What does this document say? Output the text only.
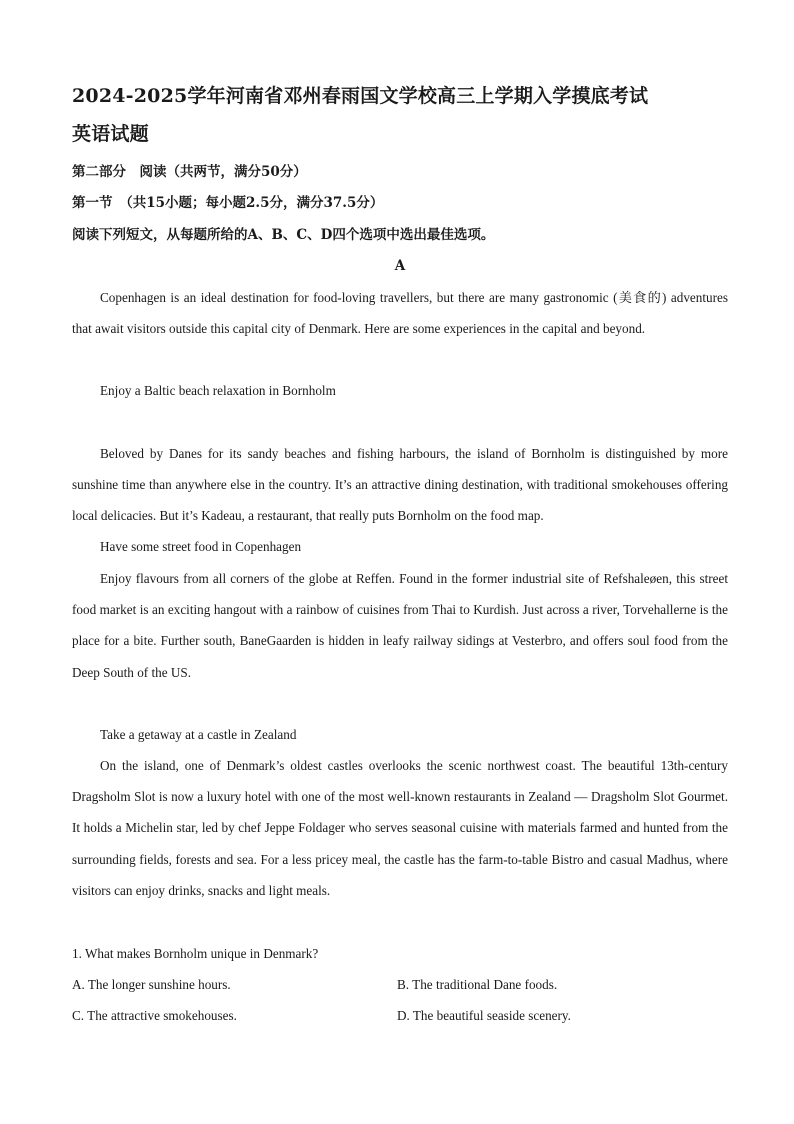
2024-2025学年河南省邓州春雨国文学校高三上学期入学摸底考试
英语试题
第二部分　阅读（共两节，满分50分）
第一节　（共15小题；每小题2.5分，满分37.5分）
阅读下列短文，从每题所给的A、B、C、D四个选项中选出最佳选项。
A

Copenhagen is an ideal destination for food-loving travellers, but there are many gastronomic (美食的) adventures that await visitors outside this capital city of Denmark. Here are some experiences in the capital and beyond.

Enjoy a Baltic beach relaxation in Bornholm

Beloved by Danes for its sandy beaches and fishing harbours, the island of Bornholm is distinguished by more sunshine time than anywhere else in the country. It’s an attractive dining destination, with traditional smokehouses offering local delicacies. But it’s Kadeau, a restaurant, that really puts Bornholm on the food map.

Have some street food in Copenhagen

Enjoy flavours from all corners of the globe at Reffen. Found in the former industrial site of Refshaleøen, this street food market is an exciting hangout with a rainbow of cuisines from Thai to Kurdish. Just across a river, Torvehallerne is the place for a bite. Further south, BaneGaarden is hidden in leafy railway sidings at Vesterbro, and offers soul food from the Deep South of the US.

Take a getaway at a castle in Zealand

On the island, one of Denmark’s oldest castles overlooks the scenic northwest coast. The beautiful 13th-century Dragsholm Slot is now a luxury hotel with one of the most well-known restaurants in Zealand — Dragsholm Slot Gourmet. It holds a Michelin star, led by chef Jeppe Foldager who serves seasonal cuisine with materials farmed and hunted from the surrounding fields, forests and sea. For a less pricey meal, the castle has the farm-to-table Bistro and casual Madhus, where visitors can enjoy drinks, snacks and light meals.

1. What makes Bornholm unique in Denmark?
A. The longer sunshine hours.	B. The traditional Dane foods.
C. The attractive smokehouses.	D. The beautiful seaside scenery.
